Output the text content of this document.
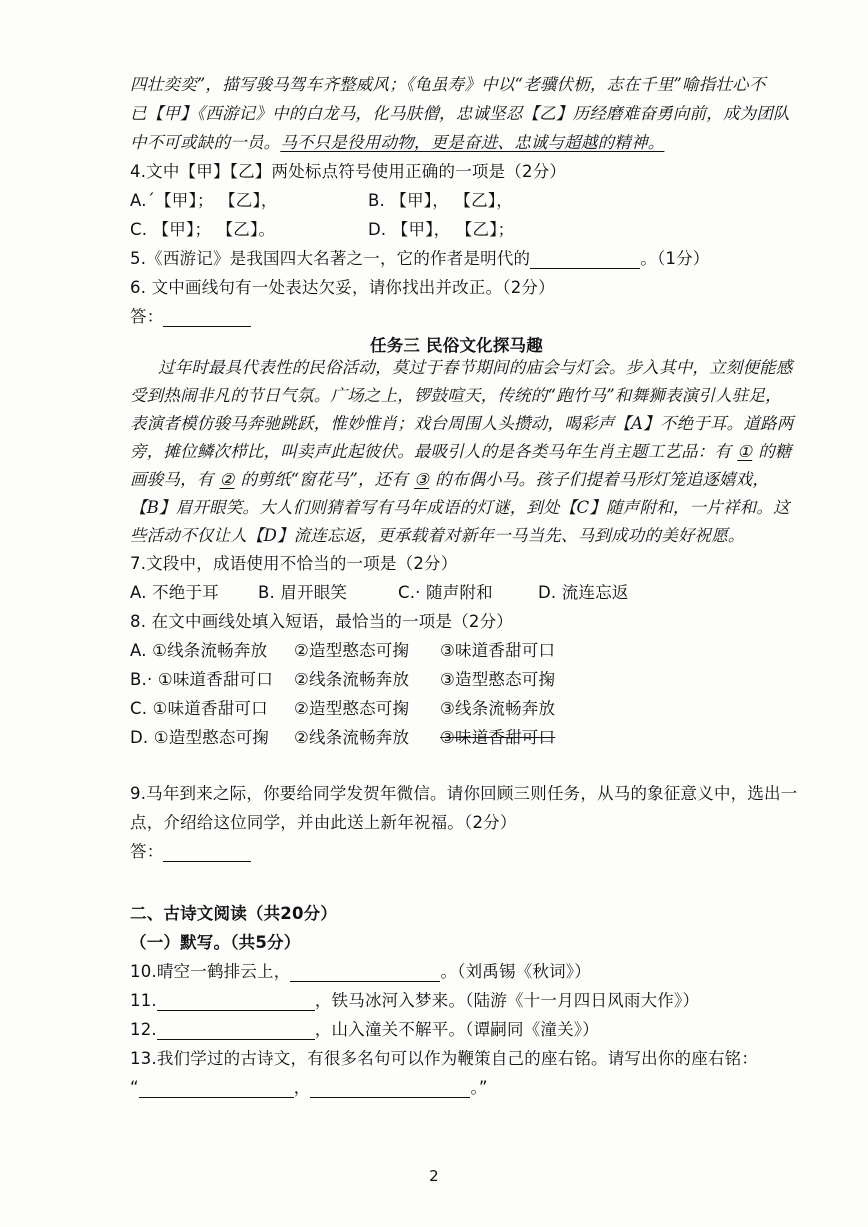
四壮奕奕”，描写骏马驾车齐整威风；《龟虽寿》中以“老骥伏枥，志在千里”喻指壮心不
已【甲】《西游记》中的白龙马，化马肤僧，忠诚坚忍【乙】历经磨难奋勇向前，成为团队
中不可或缺的一员。马不只是役用动物，更是奋进、忠诚与超越的精神。
4.文中【甲】【乙】两处标点符号使用正确的一项是（2分）
A.´【甲】； 【乙】，	B. 【甲】， 【乙】，
C. 【甲】； 【乙】。	D. 【甲】， 【乙】；
5.《西游记》是我国四大名著之一，它的作者是明代的	。（1分）
6. 文中画线句有一处表达欠妥，请你找出并改正。（2分）
答：
任务三 民俗文化探马趣
过年时最具代表性的民俗活动，莫过于春节期间的庙会与灯会。步入其中，立刻便能感
受到热闹非凡的节日气氛。广场之上，锣鼓喧天，传统的“跑竹马”和舞狮表演引人驻足，
表演者模仿骏马奔驰跳跃，惟妙惟肖；戏台周围人头攒动，喝彩声【A】不绝于耳。道路两
旁，摊位鳞次栉比，叫卖声此起彼伏。最吸引人的是各类马年生肖主题工艺品：有 ① 的糖
画骏马，有 ② 的剪纸“窗花马”，还有 ③ 的布偶小马。孩子们提着马形灯笼追逐嬉戏，
【B】眉开眼笑。大人们则猜着写有马年成语的灯谜，到处【C】随声附和，一片祥和。这
些活动不仅让人【D】流连忘返，更承载着对新年一马当先、马到成功的美好祝愿。
7.文段中，成语使用不恰当的一项是（2分）
A. 不绝于耳 B. 眉开眼笑	C.· 随声附和	D. 流连忘返
8. 在文中画线处填入短语，最恰当的一项是（2分）
A. ①线条流畅奔放 ②造型憨态可掬 ③味道香甜可口
B.· ①味道香甜可口 ②线条流畅奔放 ③造型憨态可掬
C. ①味道香甜可口 ②造型憨态可掬 ③线条流畅奔放
D. ①造型憨态可掬 ②线条流畅奔放 ③味道香甜可口
9.马年到来之际，你要给同学发贺年微信。请你回顾三则任务，从马的象征意义中，选出一
点，介绍给这位同学，并由此送上新年祝福。（2分）
答：
二、古诗文阅读（共20分）
（一）默写。（共5分）
10.晴空一鹤排云上，	。（刘禹锡《秋词》）
11.	，铁马冰河入梦来。（陆游《十一月四日风雨大作》）
12.	，山入潼关不解平。（谭嗣同《潼关》）
13.我们学过的古诗文，有很多名句可以作为鞭策自己的座右铭。请写出你的座右铭：
“	，	。”
2
